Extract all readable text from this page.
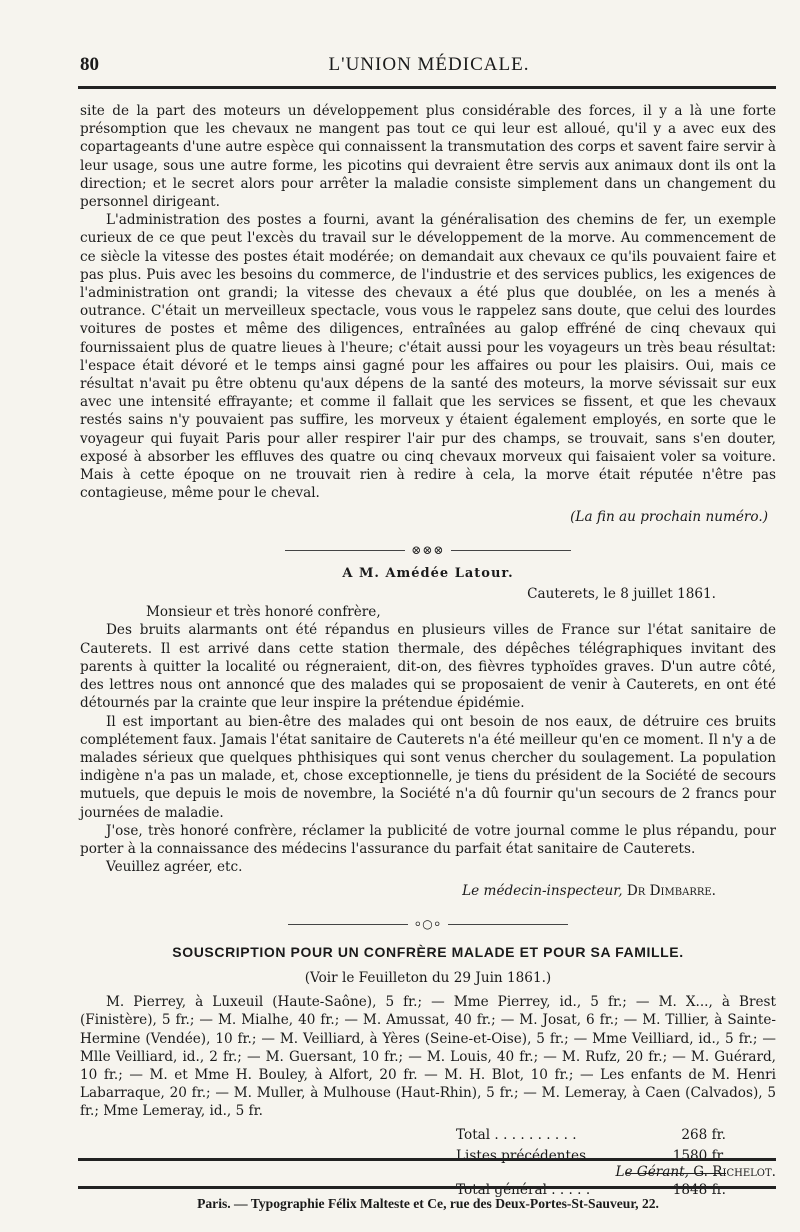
80	L'UNION MÉDICALE.

site de la part des moteurs un développement plus considérable des forces, il y a là une forte présomption que les chevaux ne mangent pas tout ce qui leur est alloué, qu'il y a avec eux des copartageants d'une autre espèce qui connaissent la transmutation des corps et savent faire servir à leur usage, sous une autre forme, les picotins qui devraient être servis aux animaux dont ils ont la direction; et le secret alors pour arrêter la maladie consiste simplement dans un changement du personnel dirigeant.

L'administration des postes a fourni, avant la généralisation des chemins de fer, un exemple curieux de ce que peut l'excès du travail sur le développement de la morve. Au commencement de ce siècle la vitesse des postes était modérée; on demandait aux chevaux ce qu'ils pouvaient faire et pas plus. Puis avec les besoins du commerce, de l'industrie et des services publics, les exigences de l'administration ont grandi; la vitesse des chevaux a été plus que doublée, on les a menés à outrance. C'était un merveilleux spectacle, vous vous le rappelez sans doute, que celui des lourdes voitures de postes et même des diligences, entraînées au galop effréné de cinq chevaux qui fournissaient plus de quatre lieues à l'heure; c'était aussi pour les voyageurs un très beau résultat: l'espace était dévoré et le temps ainsi gagné pour les affaires ou pour les plaisirs. Oui, mais ce résultat n'avait pu être obtenu qu'aux dépens de la santé des moteurs, la morve sévissait sur eux avec une intensité effrayante; et comme il fallait que les services se fissent, et que les chevaux restés sains n'y pouvaient pas suffire, les morveux y étaient également employés, en sorte que le voyageur qui fuyait Paris pour aller respirer l'air pur des champs, se trouvait, sans s'en douter, exposé à absorber les effluves des quatre ou cinq chevaux morveux qui faisaient voler sa voiture. Mais à cette époque on ne trouvait rien à redire à cela, la morve était réputée n'être pas contagieuse, même pour le cheval.

(La fin au prochain numéro.)

⊗⊗⊗
A M. Amédée Latour.
Cauterets, le 8 juillet 1861.
Monsieur et très honoré confrère,

Des bruits alarmants ont été répandus en plusieurs villes de France sur l'état sanitaire de Cauterets. Il est arrivé dans cette station thermale, des dépêches télégraphiques invitant des parents à quitter la localité ou régneraient, dit-on, des fièvres typhoïdes graves. D'un autre côté, des lettres nous ont annoncé que des malades qui se proposaient de venir à Cauterets, en ont été détournés par la crainte que leur inspire la prétendue épidémie.

Il est important au bien-être des malades qui ont besoin de nos eaux, de détruire ces bruits complétement faux. Jamais l'état sanitaire de Cauterets n'a été meilleur qu'en ce moment. Il n'y a de malades sérieux que quelques phthisiques qui sont venus chercher du soulagement. La population indigène n'a pas un malade, et, chose exceptionnelle, je tiens du président de la Société de secours mutuels, que depuis le mois de novembre, la Société n'a dû fournir qu'un secours de 2 francs pour journées de maladie.

J'ose, très honoré confrère, réclamer la publicité de votre journal comme le plus répandu, pour porter à la connaissance des médecins l'assurance du parfait état sanitaire de Cauterets.

Veuillez agréer, etc.

Le médecin-inspecteur, Dr Dimbarre.
⸰○⸰
SOUSCRIPTION POUR UN CONFRÈRE MALADE ET POUR SA FAMILLE.
(Voir le Feuilleton du 29 Juin 1861.)

M. Pierrey, à Luxeuil (Haute-Saône), 5 fr.; — Mme Pierrey, id., 5 fr.; — M. X..., à Brest (Finistère), 5 fr.; — M. Mialhe, 40 fr.; — M. Amussat, 40 fr.; — M. Josat, 6 fr.; — M. Tillier, à Sainte-Hermine (Vendée), 10 fr.; — M. Veilliard, à Yères (Seine-et-Oise), 5 fr.; — Mme Veilliard, id., 5 fr.; — Mlle Veilliard, id., 2 fr.; — M. Guersant, 10 fr.; — M. Louis, 40 fr.; — M. Rufz, 20 fr.; — M. Guérard, 10 fr.; — M. et Mme H. Bouley, à Alfort, 20 fr. — M. H. Blot, 10 fr.; — Les enfants de M. Henri Labarraque, 20 fr.; — M. Muller, à Mulhouse (Haut-Rhin), 5 fr.; — M. Lemeray, à Caen (Calvados), 5 fr.; Mme Lemeray, id., 5 fr.

Total . . . . . . . . . .	268 fr.
Listes précédentes. . .	1580 fr.
Total général . . . . .	1848 fr.
Le Gérant, G. Richelot.
Paris. — Typographie Félix Malteste et Ce, rue des Deux-Portes-St-Sauveur, 22.
